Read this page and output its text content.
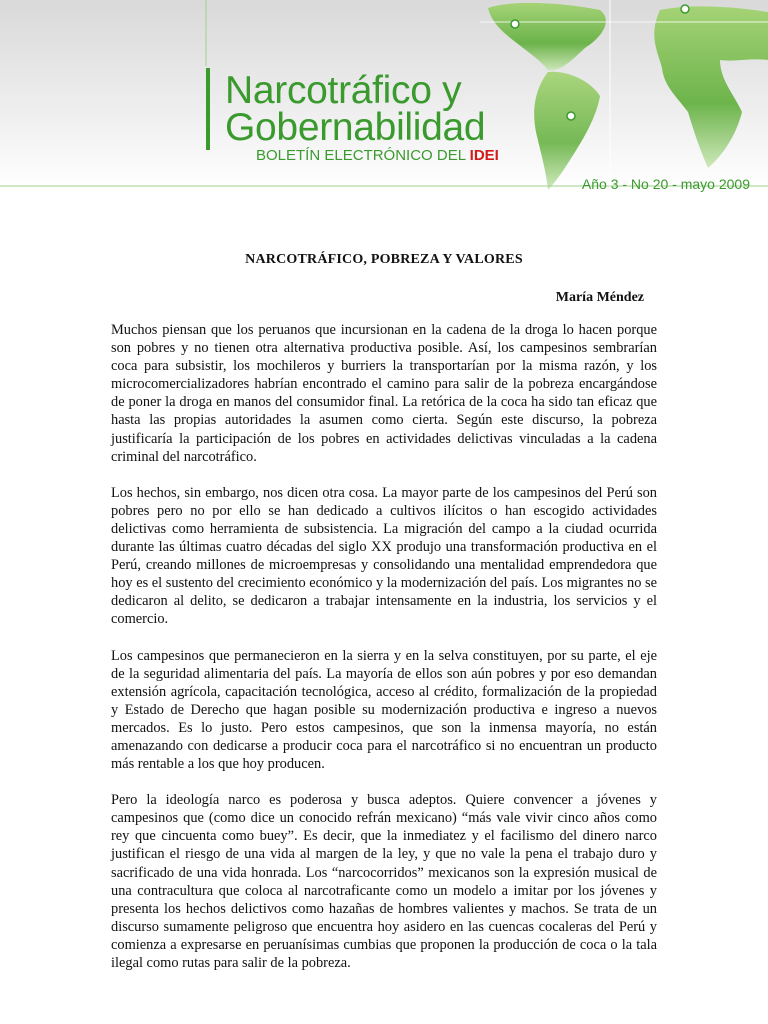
Narcotráfico y
Gobernabilidad
BOLETÍN ELECTRÓNICO DEL IDEI
Año 3 - No 20 - mayo 2009
NARCOTRÁFICO, POBREZA Y VALORES
María Méndez

Muchos piensan que los peruanos que incursionan en la cadena de la droga lo hacen porque son pobres y no tienen otra alternativa productiva posible. Así, los campesinos sembrarían coca para subsistir, los mochileros y burriers la transportarían por la misma razón, y los microcomercializadores habrían encontrado el camino para salir de la pobreza encargándose de poner la droga en manos del consumidor final. La retórica de la coca ha sido tan eficaz que hasta las propias autoridades la asumen como cierta. Según este discurso, la pobreza justificaría la participación de los pobres en actividades delictivas vinculadas a la cadena criminal del narcotráfico.

Los hechos, sin embargo, nos dicen otra cosa. La mayor parte de los campesinos del Perú son pobres pero no por ello se han dedicado a cultivos ilícitos o han escogido actividades delictivas como herramienta de subsistencia. La migración del campo a la ciudad ocurrida durante las últimas cuatro décadas del siglo XX produjo una transformación productiva en el Perú, creando millones de microempresas y consolidando una mentalidad emprendedora que hoy es el sustento del crecimiento económico y la modernización del país. Los migrantes no se dedicaron al delito, se dedicaron a trabajar intensamente en la industria, los servicios y el comercio.

Los campesinos que permanecieron en la sierra y en la selva constituyen, por su parte, el eje de la seguridad alimentaria del país. La mayoría de ellos son aún pobres y por eso demandan extensión agrícola, capacitación tecnológica, acceso al crédito, formalización de la propiedad y Estado de Derecho que hagan posible su modernización productiva e ingreso a nuevos mercados. Es lo justo. Pero estos campesinos, que son la inmensa mayoría, no están amenazando con dedicarse a producir coca para el narcotráfico si no encuentran un producto más rentable a los que hoy producen.

Pero la ideología narco es poderosa y busca adeptos. Quiere convencer a jóvenes y campesinos que (como dice un conocido refrán mexicano) “más vale vivir cinco años como rey que cincuenta como buey”. Es decir, que la inmediatez y el facilismo del dinero narco justifican el riesgo de una vida al margen de la ley, y que no vale la pena el trabajo duro y sacrificado de una vida honrada. Los “narcocorridos” mexicanos son la expresión musical de una contracultura que coloca al narcotraficante como un modelo a imitar por los jóvenes y presenta los hechos delictivos como hazañas de hombres valientes y machos. Se trata de un discurso sumamente peligroso que encuentra hoy asidero en las cuencas cocaleras del Perú y comienza a expresarse en peruanísimas cumbias que proponen la producción de coca o la tala ilegal como rutas para salir de la pobreza.
